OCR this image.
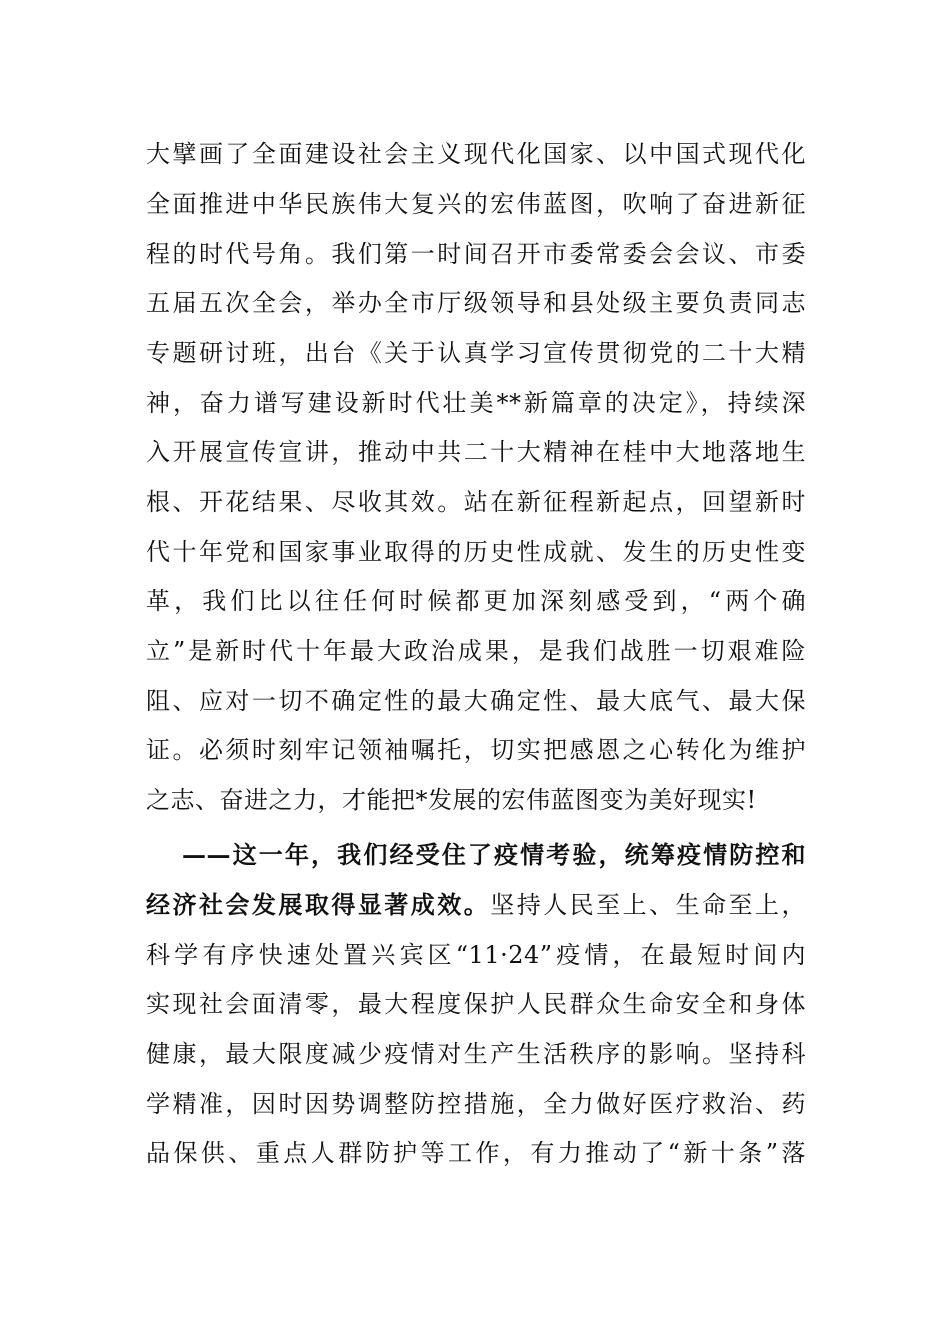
大擘画了全面建设社会主义现代化国家、以中国式现代化
全面推进中华民族伟大复兴的宏伟蓝图，吹响了奋进新征
程的时代号角。我们第一时间召开市委常委会会议、市委
五届五次全会，举办全市厅级领导和县处级主要负责同志
专题研讨班，出台《关于认真学习宣传贯彻党的二十大精
神，奋力谱写建设新时代壮美**新篇章的决定》，持续深
入开展宣传宣讲，推动中共二十大精神在桂中大地落地生
根、开花结果、尽收其效。站在新征程新起点，回望新时
代十年党和国家事业取得的历史性成就、发生的历史性变
革，我们比以往任何时候都更加深刻感受到，“两个确
立”是新时代十年最大政治成果，是我们战胜一切艰难险
阻、应对一切不确定性的最大确定性、最大底气、最大保
证。必须时刻牢记领袖嘱托，切实把感恩之心转化为维护
之志、奋进之力，才能把*发展的宏伟蓝图变为美好现实!
——这一年，我们经受住了疫情考验，统筹疫情防控和
经济社会发展取得显著成效。坚持人民至上、生命至上，
科学有序快速处置兴宾区“11·24”疫情，在最短时间内
实现社会面清零，最大程度保护人民群众生命安全和身体
健康，最大限度减少疫情对生产生活秩序的影响。坚持科
学精准，因时因势调整防控措施，全力做好医疗救治、药
品保供、重点人群防护等工作，有力推动了“新十条”落
